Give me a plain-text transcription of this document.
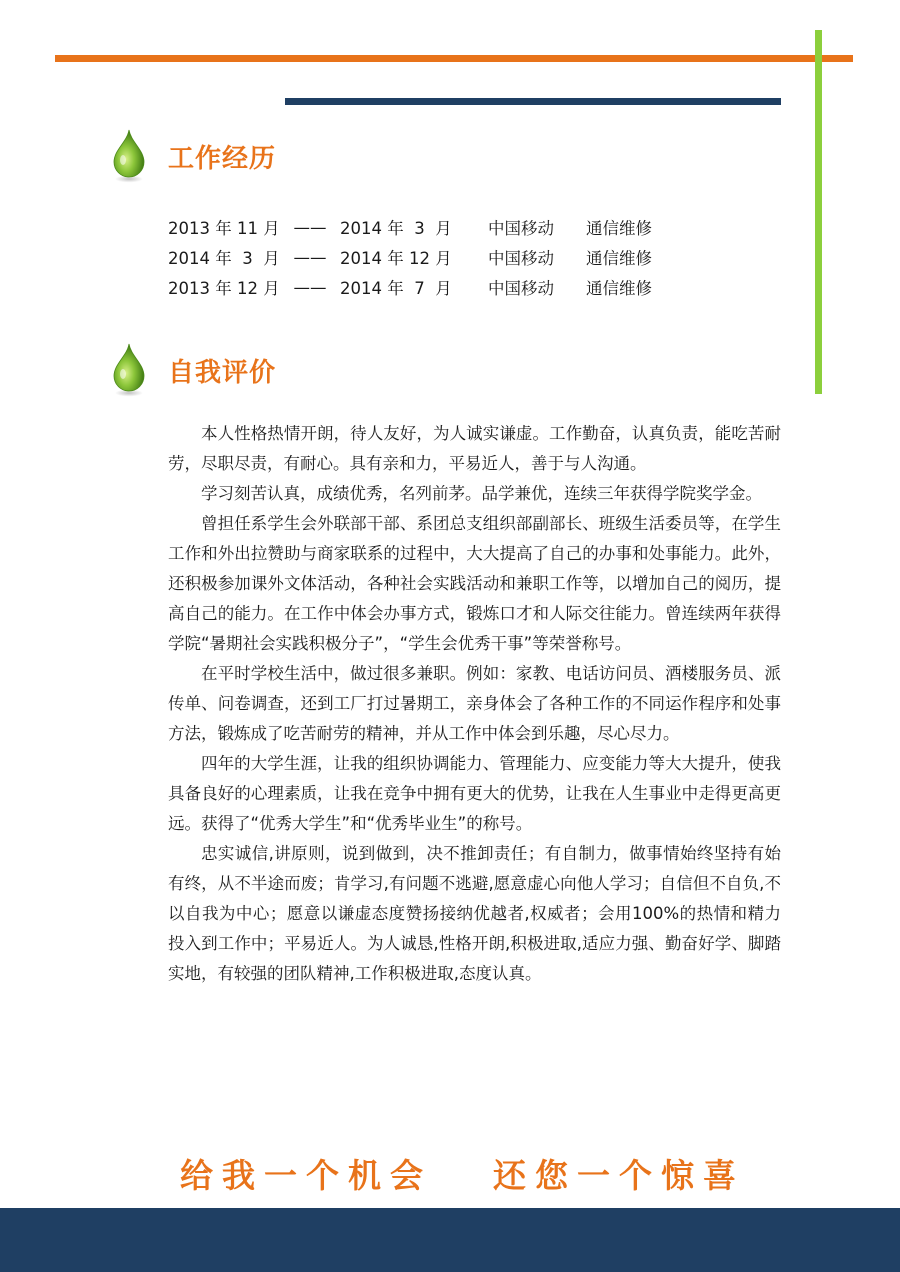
工作经历
2013 年 11 月 —— 2014 年  3  月	中国移动	通信维修
2014 年  3  月 —— 2014 年 12 月	中国移动	通信维修
2013 年 12 月 —— 2014 年  7  月	中国移动	通信维修
自我评价

本人性格热情开朗，待人友好，为人诚实谦虚。工作勤奋，认真负责，能吃苦耐劳，尽职尽责，有耐心。具有亲和力，平易近人，善于与人沟通。

学习刻苦认真，成绩优秀，名列前茅。品学兼优，连续三年获得学院奖学金。

曾担任系学生会外联部干部、系团总支组织部副部长、班级生活委员等，在学生工作和外出拉赞助与商家联系的过程中，大大提高了自己的办事和处事能力。此外，还积极参加课外文体活动，各种社会实践活动和兼职工作等，以增加自己的阅历，提高自己的能力。在工作中体会办事方式，锻炼口才和人际交往能力。曾连续两年获得学院“暑期社会实践积极分子”，“学生会优秀干事”等荣誉称号。

在平时学校生活中，做过很多兼职。例如：家教、电话访问员、酒楼服务员、派传单、问卷调查，还到工厂打过暑期工，亲身体会了各种工作的不同运作程序和处事方法，锻炼成了吃苦耐劳的精神，并从工作中体会到乐趣，尽心尽力。

四年的大学生涯，让我的组织协调能力、管理能力、应变能力等大大提升，使我具备良好的心理素质，让我在竞争中拥有更大的优势，让我在人生事业中走得更高更远。获得了“优秀大学生”和“优秀毕业生”的称号。

忠实诚信,讲原则，说到做到，决不推卸责任；有自制力，做事情始终坚持有始有终，从不半途而废；肯学习,有问题不逃避,愿意虚心向他人学习；自信但不自负,不以自我为中心；愿意以谦虚态度赞扬接纳优越者,权威者；会用100%的热情和精力投入到工作中；平易近人。为人诚恳,性格开朗,积极进取,适应力强、勤奋好学、脚踏实地，有较强的团队精神,工作积极进取,态度认真。

给我一个机会 还您一个惊喜
